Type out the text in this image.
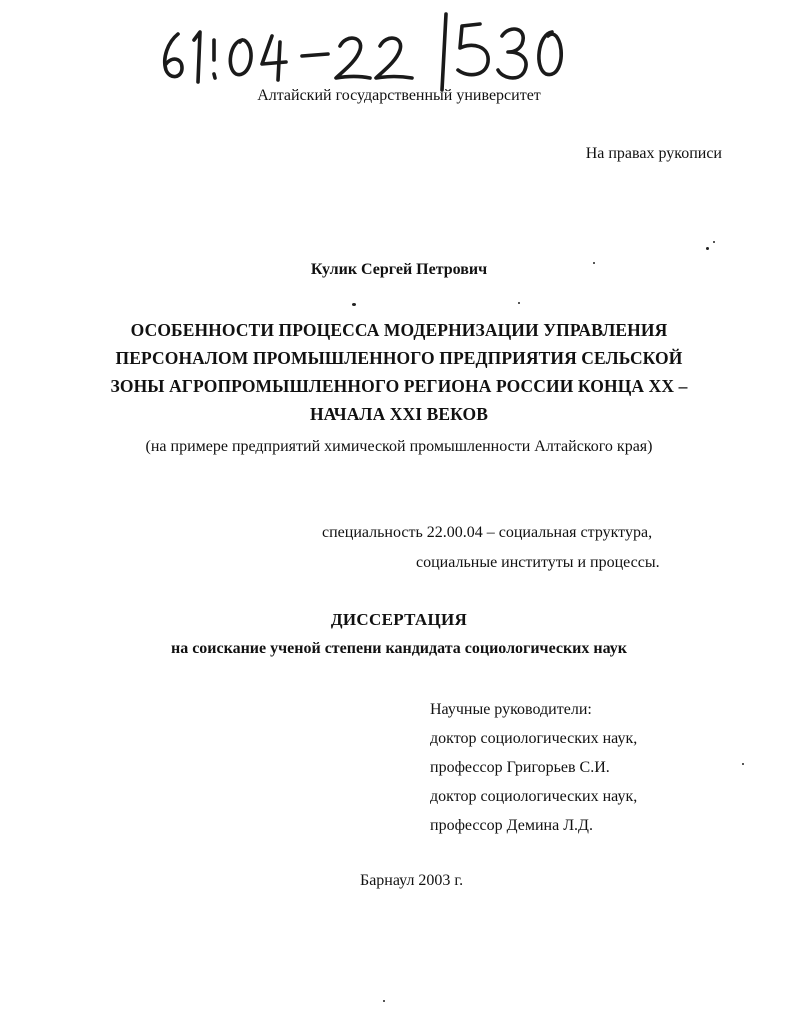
Алтайский государственный университет

На правах рукописи

Кулик Сергей Петрович

ОСОБЕННОСТИ ПРОЦЕССА МОДЕРНИЗАЦИИ УПРАВЛЕНИЯ
ПЕРСОНАЛОМ ПРОМЫШЛЕННОГО ПРЕДПРИЯТИЯ СЕЛЬСКОЙ
ЗОНЫ АГРОПРОМЫШЛЕННОГО РЕГИОНА РОССИИ КОНЦА XX –
НАЧАЛА XXI ВЕКОВ

(на примере предприятий химической промышленности Алтайского края)

специальность 22.00.04 – социальная структура,

социальные институты и процессы.

ДИССЕРТАЦИЯ

на соискание ученой степени кандидата социологических наук

Научные руководители:
доктор социологических наук,
профессор Григорьев С.И.
доктор социологических наук,
профессор Демина Л.Д.

Барнаул 2003 г.
